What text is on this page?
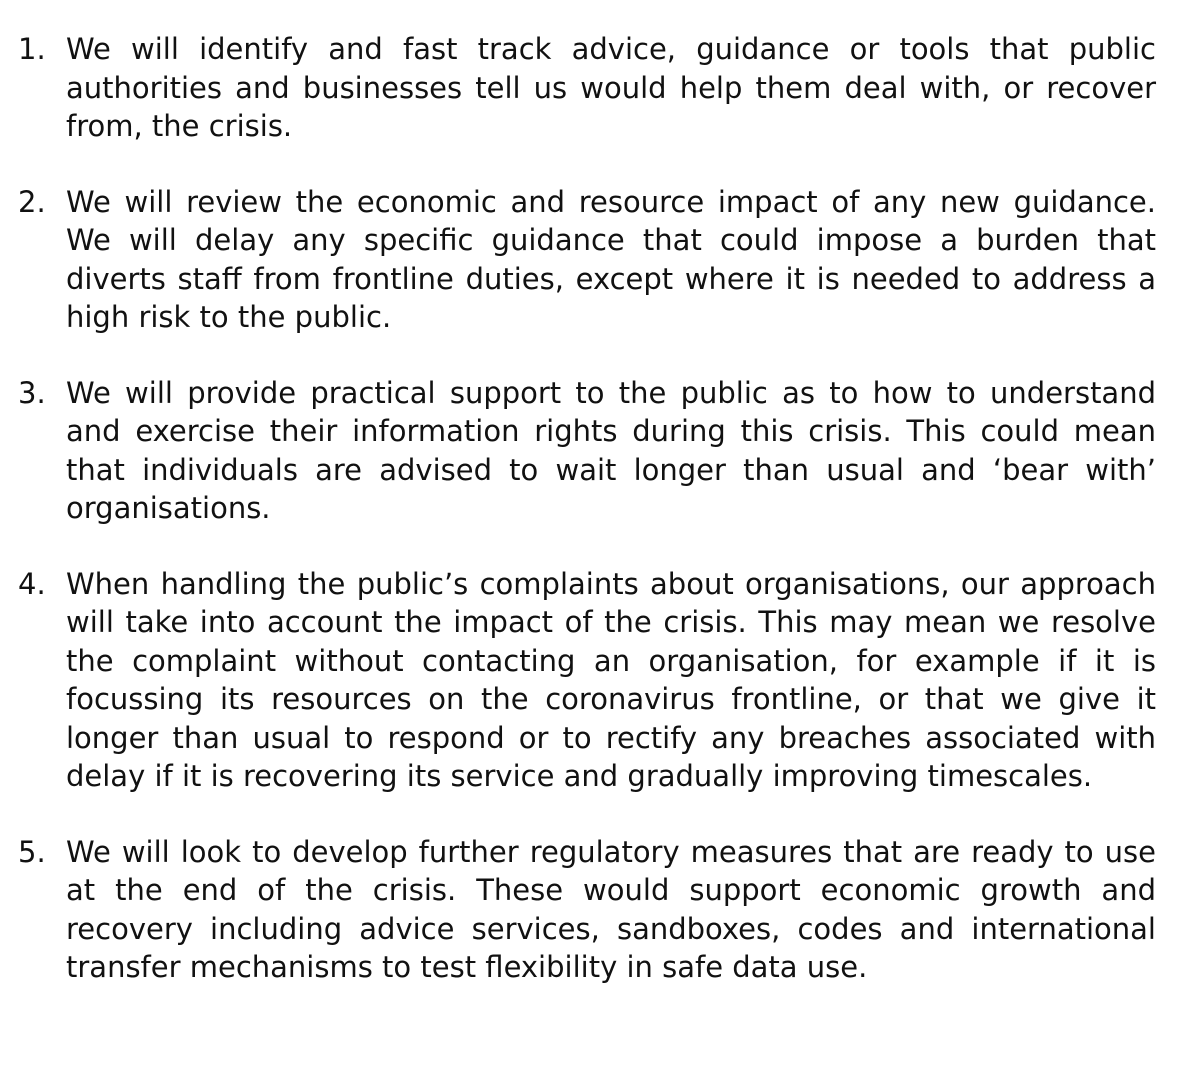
1. We will identify and fast track advice, guidance or tools that public authorities and businesses tell us would help them deal with, or recover from, the crisis.

2. We will review the economic and resource impact of any new guidance. We will delay any specific guidance that could impose a burden that diverts staff from frontline duties, except where it is needed to address a high risk to the public.

3. We will provide practical support to the public as to how to understand and exercise their information rights during this crisis. This could mean that individuals are advised to wait longer than usual and ‘bear with’ organisations.

4. When handling the public’s complaints about organisations, our approach will take into account the impact of the crisis. This may mean we resolve the complaint without contacting an organisation, for example if it is focussing its resources on the coronavirus frontline, or that we give it longer than usual to respond or to rectify any breaches associated with delay if it is recovering its service and gradually improving timescales.

5. We will look to develop further regulatory measures that are ready to use at the end of the crisis. These would support economic growth and recovery including advice services, sandboxes, codes and international transfer mechanisms to test flexibility in safe data use.
